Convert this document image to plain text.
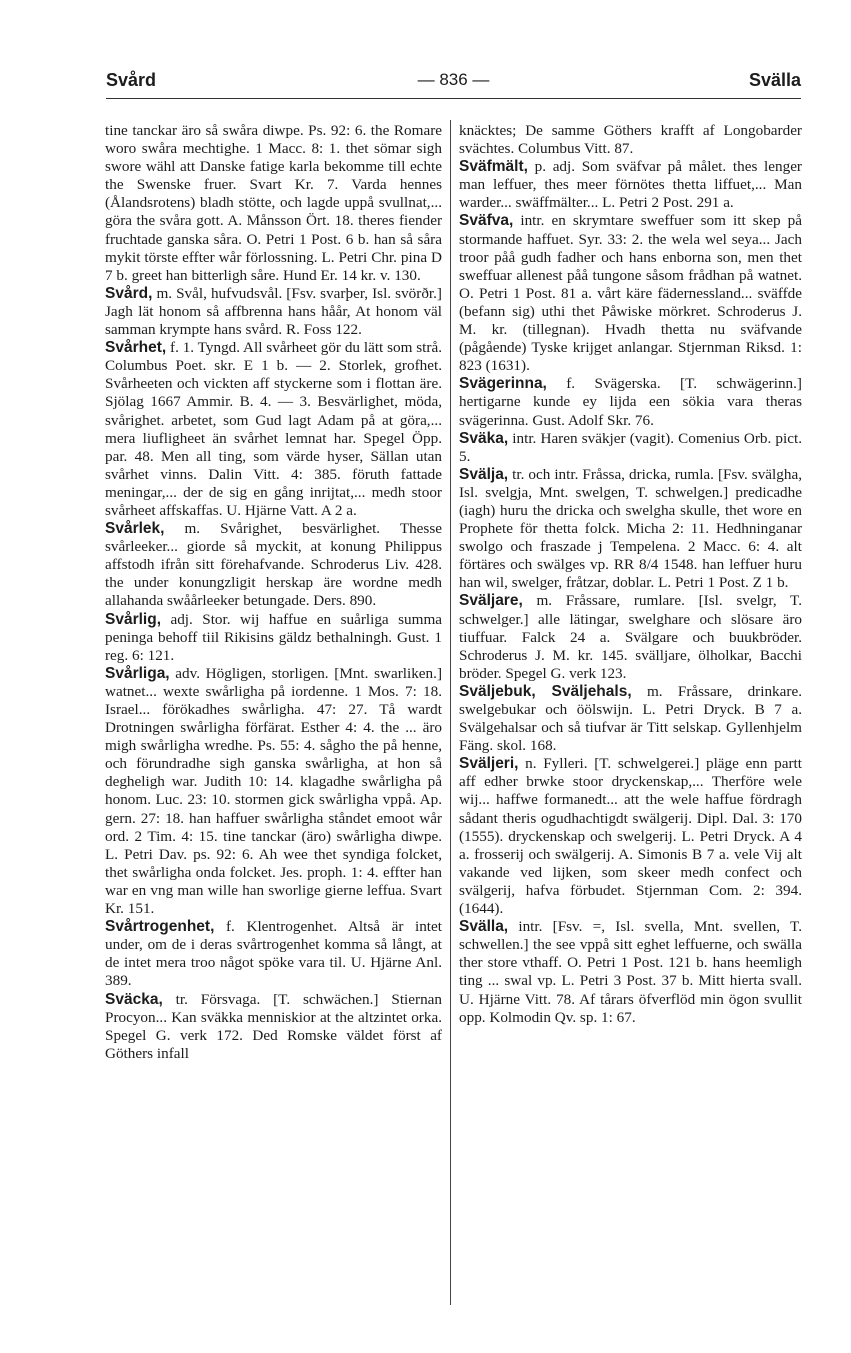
Svård	— 836 —	Svälla

tine tanckar äro så swåra diwpe. Ps. 92: 6. the Romare woro swåra mechtighe. 1 Macc. 8: 1. thet sömar sigh swore wähl att Danske fatige karla bekomme till echte the Swenske fruer. Svart Kr. 7. Varda hennes (Ålandsrotens) bladh stötte, och lagde uppå svullnat,... göra the svåra gott. A. Månsson Ört. 18. theres fiender fruchtade ganska såra. O. Petri 1 Post. 6 b. han så såra mykit törste effter wår förlossning. L. Petri Chr. pina D 7 b. greet han bitterligh såre. Hund Er. 14 kr. v. 130.

Svård, m. Svål, hufvudsvål. [Fsv. svarþer, Isl. svörðr.] Jagh lät honom så affbrenna hans håår, At honom väl samman krympte hans svård. R. Foss 122.

Svårhet, f. 1. Tyngd. All svårheet gör du lätt som strå. Columbus Poet. skr. E 1 b. — 2. Storlek, grofhet. Svårheeten och vickten aff styckerne som i flottan äre. Sjölag 1667 Ammir. B. 4. — 3. Besvärlighet, möda, svårighet. arbetet, som Gud lagt Adam på at göra,... mera liufligheet än svårhet lemnat har. Spegel Öpp. par. 48. Men all ting, som värde hyser, Sällan utan svårhet vinns. Dalin Vitt. 4: 385. föruth fattade meningar,... der de sig en gång inrijtat,... medh stoor svårheet affskaffas. U. Hjärne Vatt. A 2 a.

Svårlek, m. Svårighet, besvärlighet. Thesse svårleeker... giorde så myckit, at konung Philippus affstodh ifrån sitt förehafvande. Schroderus Liv. 428. the under konungzligit herskap äre wordne medh allahanda swåårleeker betungade. Ders. 890.

Svårlig, adj. Stor. wij haffue en suårliga summa peninga behoff tiil Rikisins gäldz bethalningh. Gust. 1 reg. 6: 121.

Svårliga, adv. Högligen, storligen. [Mnt. swarliken.] watnet... wexte swårligha på iordenne. 1 Mos. 7: 18. Israel... förökadhes swårligha. 47: 27. Tå wardt Drotningen swårligha förfärat. Esther 4: 4. the ... äro migh swårligha wredhe. Ps. 55: 4. sågho the på henne, och förundradhe sigh ganska swårligha, at hon så degheligh war. Judith 10: 14. klagadhe swårligha på honom. Luc. 23: 10. stormen gick swårligha vppå. Ap. gern. 27: 18. han haffuer swårligha ståndet emoot wår ord. 2 Tim. 4: 15. tine tanckar (äro) swårligha diwpe. L. Petri Dav. ps. 92: 6. Ah wee thet syndiga folcket, thet swårligha onda folcket. Jes. proph. 1: 4. effter han war en vng man wille han sworlige gierne leffua. Svart Kr. 151.

Svårtrogenhet, f. Klentrogenhet. Altså är intet under, om de i deras svårtrogenhet komma så långt, at de intet mera troo något spöke vara til. U. Hjärne Anl. 389.

Sväcka, tr. Försvaga. [T. schwächen.] Stiernan Procyon... Kan sväkka menniskior at the altzintet orka. Spegel G. verk 172. Ded Romske väldet först af Göthers infall

knäcktes; De samme Göthers krafft af Longobarder svächtes. Columbus Vitt. 87.

Sväfmält, p. adj. Som sväfvar på målet. thes lenger man leffuer, thes meer förnötes thetta liffuet,... Man warder... swäffmälter... L. Petri 2 Post. 291 a.

Sväfva, intr. en skrymtare sweffuer som itt skep på stormande haffuet. Syr. 33: 2. the wela wel seya... Jach troor påå gudh fadher och hans enborna son, men thet sweffuar allenest påå tungone såsom frådhan på watnet. O. Petri 1 Post. 81 a. vårt käre fädernessland... sväffde (befann sig) uthi thet Påwiske mörkret. Schroderus J. M. kr. (tillegnan). Hvadh thetta nu sväfvande (pågående) Tyske krijget anlangar. Stjernman Riksd. 1: 823 (1631).

Svägerinna, f. Svägerska. [T. schwägerinn.] hertigarne kunde ey lijda een sökia vara theras svägerinna. Gust. Adolf Skr. 76.

Sväka, intr. Haren sväkjer (vagit). Comenius Orb. pict. 5.

Svälja, tr. och intr. Fråssa, dricka, rumla. [Fsv. svälgha, Isl. svelgja, Mnt. swelgen, T. schwelgen.] predicadhe (iagh) huru the dricka och swelgha skulle, thet wore en Prophete för thetta folck. Micha 2: 11. Hedhninganar swolgo och fraszade j Tempelena. 2 Macc. 6: 4. alt förtäres och swälges vp. RR 8/4 1548. han leffuer huru han wil, swelger, fråtzar, doblar. L. Petri 1 Post. Z 1 b.

Sväljare, m. Fråssare, rumlare. [Isl. svelgr, T. schwelger.] alle lätingar, swelghare och slösare äro tiuffuar. Falck 24 a. Svälgare och buukbröder. Schroderus J. M. kr. 145. svälljare, ölholkar, Bacchi bröder. Spegel G. verk 123.

Sväljebuk, Sväljehals, m. Fråssare, drinkare. swelgebukar och öölswijn. L. Petri Dryck. B 7 a. Svälgehalsar och så tiufvar är Titt selskap. Gyllenhjelm Fäng. skol. 168.

Sväljeri, n. Fylleri. [T. schwelgerei.] pläge enn partt aff edher brwke stoor dryckenskap,... Therföre wele wij... haffwe formanedt... att the wele haffue fördragh sådant theris ogudhachtigdt swälgerij. Dipl. Dal. 3: 170 (1555). dryckenskap och swelgerij. L. Petri Dryck. A 4 a. frosserij och swälgerij. A. Simonis B 7 a. vele Vij alt vakande ved lijken, som skeer medh confect och svälgerij, hafva förbudet. Stjernman Com. 2: 394. (1644).

Svälla, intr. [Fsv. =, Isl. svella, Mnt. svellen, T. schwellen.] the see vppå sitt eghet leffuerne, och swälla ther store vthaff. O. Petri 1 Post. 121 b. hans heemligh ting ... swal vp. L. Petri 3 Post. 37 b. Mitt hierta svall. U. Hjärne Vitt. 78. Af tårars öfverflöd min ögon svullit opp. Kolmodin Qv. sp. 1: 67.
